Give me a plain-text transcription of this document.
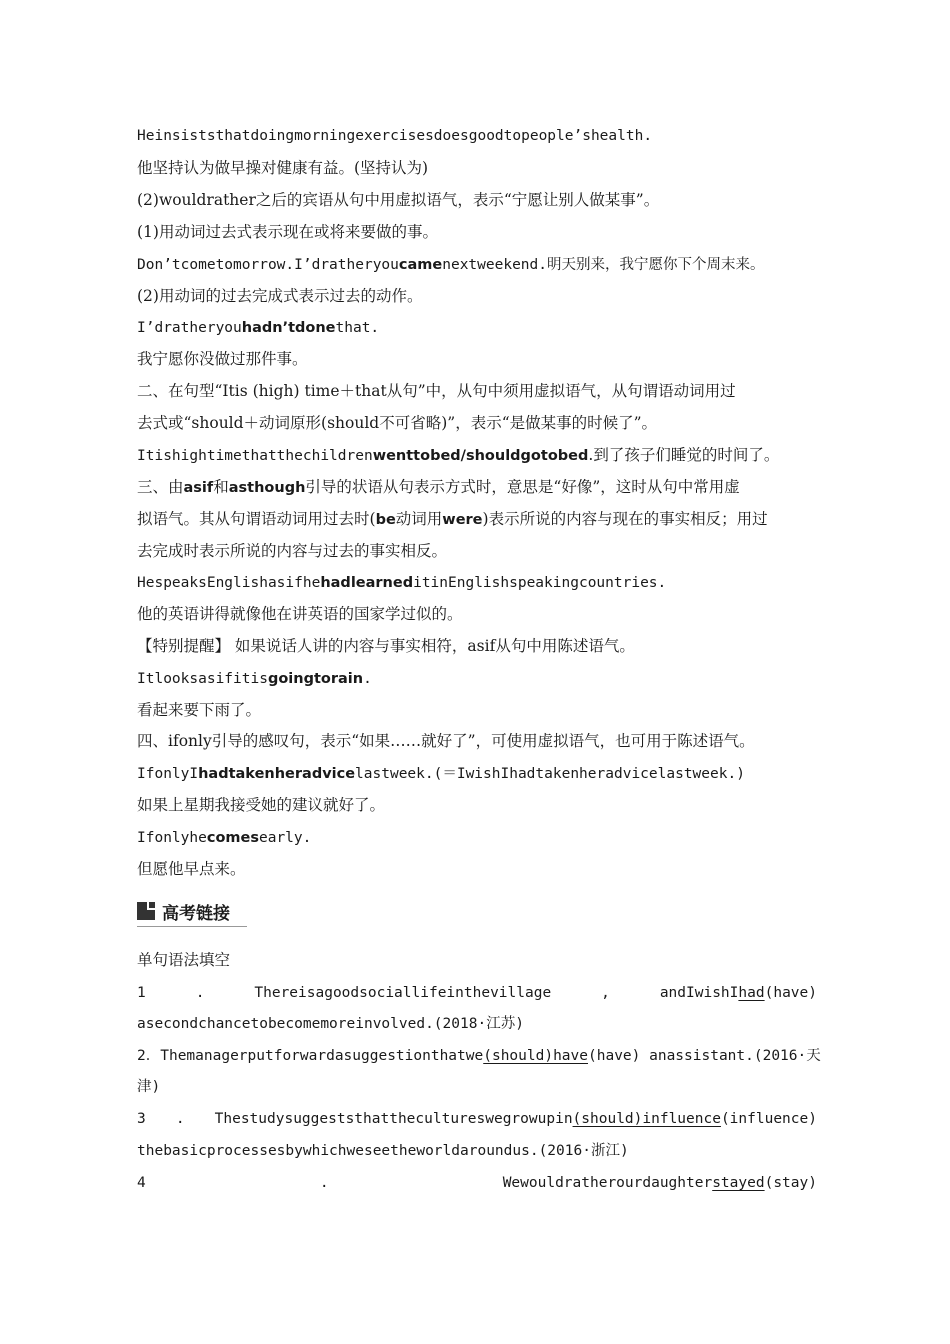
Heinsiststhatdoingmorningexercisesdoesgoodtopeople’shealth.
他坚持认为做早操对健康有益。(坚持认为)
(2)wouldrather之后的宾语从句中用虚拟语气，表示“宁愿让别人做某事”。
(1)用动词过去式表示现在或将来要做的事。
Don’tcometomorrow.I’dratheryoucamenextweekend.明天别来，我宁愿你下个周末来。
(2)用动词的过去完成式表示过去的动作。
I’dratheryouhadn’tdonethat.
我宁愿你没做过那件事。
二、在句型“Itis (high) time＋that从句”中，从句中须用虚拟语气，从句谓语动词用过
去式或“should＋动词原形(should不可省略)”，表示“是做某事的时候了”。
Itishightimethatthechildrenwenttobed/shouldgotobed.到了孩子们睡觉的时间了。
三、由asif和asthough引导的状语从句表示方式时，意思是“好像”，这时从句中常用虚
拟语气。其从句谓语动词用过去时(be动词用were)表示所说的内容与现在的事实相反；用过
去完成时表示所说的内容与过去的事实相反。
HespeaksEnglishasifhehadlearneditinEnglishspeakingcountries.
他的英语讲得就像他在讲英语的国家学过似的。
【特别提醒】 如果说话人讲的内容与事实相符，asif从句中用陈述语气。
Itlooksasifitisgoingtorain.
看起来要下雨了。
四、ifonly引导的感叹句，表示“如果……就好了”，可使用虚拟语气，也可用于陈述语气。
IfonlyIhadtakenheradvicelastweek.(＝IwishIhadtakenheradvicelastweek.)
如果上星期我接受她的建议就好了。
Ifonlyhecomesearly.
但愿他早点来。
高考链接
单句语法填空
1	.	Thereisagoodsociallifeinthevillage	,	andIwishIhad(have)
asecondchancetobecomemoreinvolved.(2018·江苏)
2．Themanagerputforwardasuggestionthatwe(should)have(have) anassistant.(2016·天
津)
3 . Thestudysuggeststhatthecultureswegrowupin(should)influence(influence)
thebasicprocessesbywhichweseetheworldaroundus.(2016·浙江)
4	.	Wewouldratherourdaughterstayed(stay)
